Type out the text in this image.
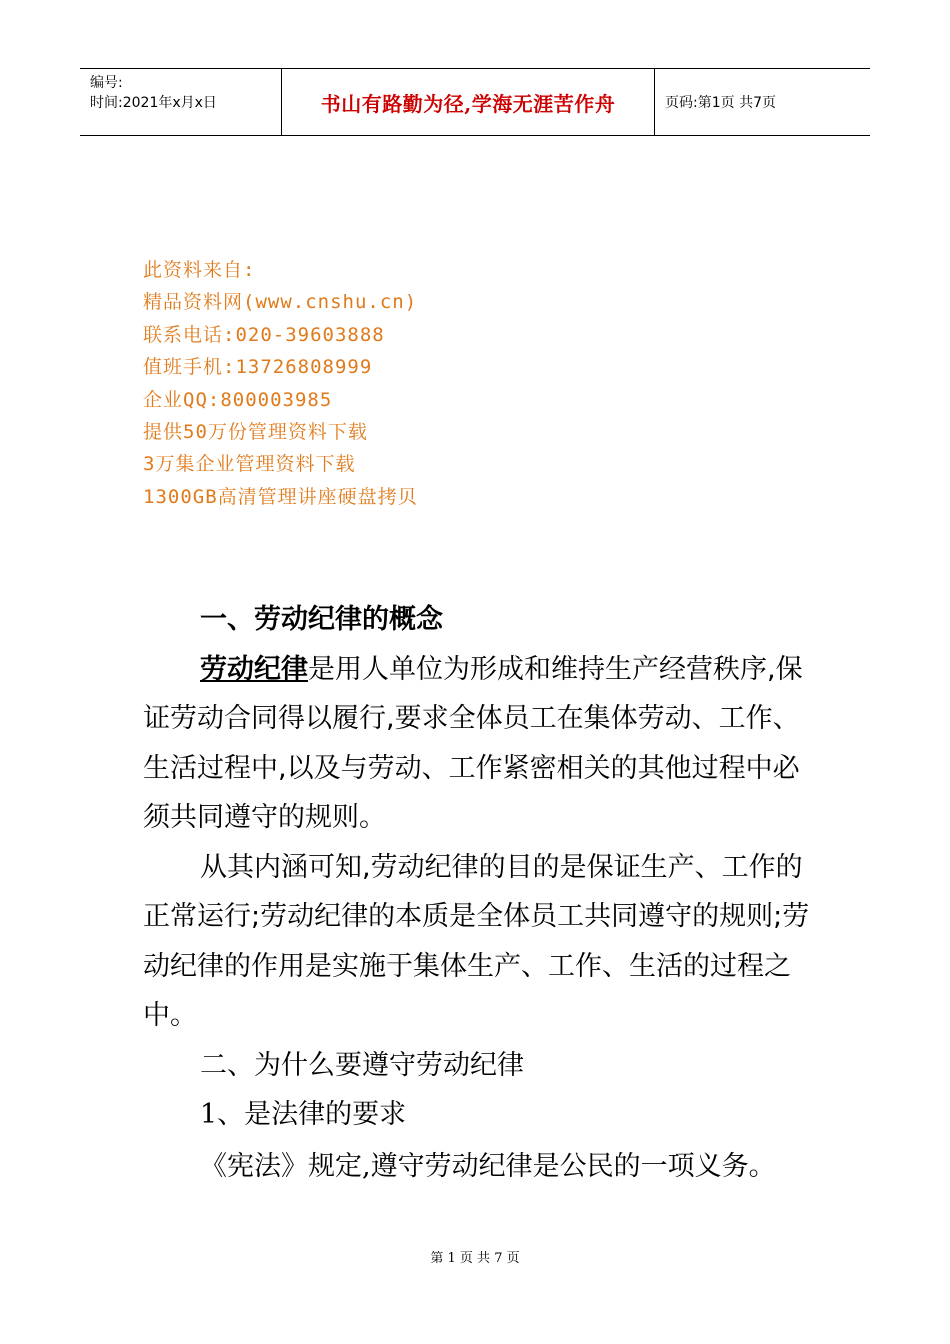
编号:
时间:2021年x月x日	书山有路勤为径,学海无涯苦作舟	页码:第1页 共7页
此资料来自:
精品资料网(www.cnshu.cn)
联系电话:020-39603888
值班手机:13726808999
企业QQ:800003985
提供50万份管理资料下载
3万集企业管理资料下载
1300GB高清管理讲座硬盘拷贝

一、劳动纪律的概念

劳动纪律是用人单位为形成和维持生产经营秩序,保证劳动合同得以履行,要求全体员工在集体劳动、工作、生活过程中,以及与劳动、工作紧密相关的其他过程中必须共同遵守的规则。

从其内涵可知,劳动纪律的目的是保证生产、工作的正常运行;劳动纪律的本质是全体员工共同遵守的规则;劳动纪律的作用是实施于集体生产、工作、生活的过程之中。

二、为什么要遵守劳动纪律

1、是法律的要求

《宪法》规定,遵守劳动纪律是公民的一项义务。

第 1 页 共 7 页
